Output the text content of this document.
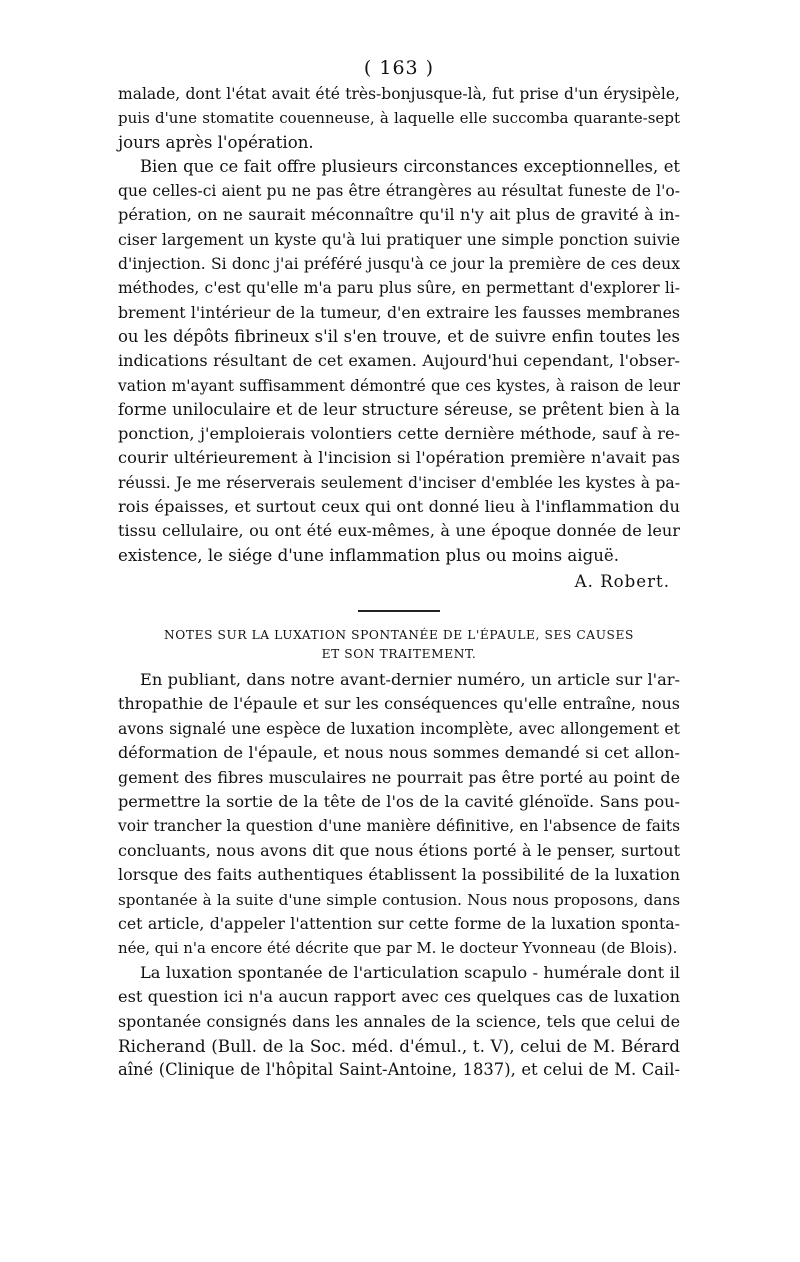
( 163 )

malade, dont l'état avait été très-bonjusque-là, fut prise d'un érysipèle,
puis d'une stomatite couenneuse, à laquelle elle succomba quarante-sept
jours après l'opération.

Bien que ce fait offre plusieurs circonstances exceptionnelles, et
que celles-ci aient pu ne pas être étrangères au résultat funeste de l'o-
pération, on ne saurait méconnaître qu'il n'y ait plus de gravité à in-
ciser largement un kyste qu'à lui pratiquer une simple ponction suivie
d'injection. Si donc j'ai préféré jusqu'à ce jour la première de ces deux
méthodes, c'est qu'elle m'a paru plus sûre, en permettant d'explorer li-
brement l'intérieur de la tumeur, d'en extraire les fausses membranes
ou les dépôts fibrineux s'il s'en trouve, et de suivre enfin toutes les
indications résultant de cet examen. Aujourd'hui cependant, l'obser-
vation m'ayant suffisamment démontré que ces kystes, à raison de leur
forme uniloculaire et de leur structure séreuse, se prêtent bien à la
ponction, j'emploierais volontiers cette dernière méthode, sauf à re-
courir ultérieurement à l'incision si l'opération première n'avait pas
réussi. Je me réserverais seulement d'inciser d'emblée les kystes à pa-
rois épaisses, et surtout ceux qui ont donné lieu à l'inflammation du
tissu cellulaire, ou ont été eux-mêmes, à une époque donnée de leur
existence, le siége d'une inflammation plus ou moins aiguë.

A. Robert.
NOTES SUR LA LUXATION SPONTANÉE DE L'ÉPAULE, SES CAUSES
ET SON TRAITEMENT.

En publiant, dans notre avant-dernier numéro, un article sur l'ar-
thropathie de l'épaule et sur les conséquences qu'elle entraîne, nous
avons signalé une espèce de luxation incomplète, avec allongement et
déformation de l'épaule, et nous nous sommes demandé si cet allon-
gement des fibres musculaires ne pourrait pas être porté au point de
permettre la sortie de la tête de l'os de la cavité glénoïde. Sans pou-
voir trancher la question d'une manière définitive, en l'absence de faits
concluants, nous avons dit que nous étions porté à le penser, surtout
lorsque des faits authentiques établissent la possibilité de la luxation
spontanée à la suite d'une simple contusion. Nous nous proposons, dans
cet article, d'appeler l'attention sur cette forme de la luxation sponta-
née, qui n'a encore été décrite que par M. le docteur Yvonneau (de Blois).

La luxation spontanée de l'articulation scapulo - humérale dont il
est question ici n'a aucun rapport avec ces quelques cas de luxation
spontanée consignés dans les annales de la science, tels que celui de
Richerand (Bull. de la Soc. méd. d'émul., t. V), celui de M. Bérard
aîné (Clinique de l'hôpital Saint-Antoine, 1837), et celui de M. Cail-
